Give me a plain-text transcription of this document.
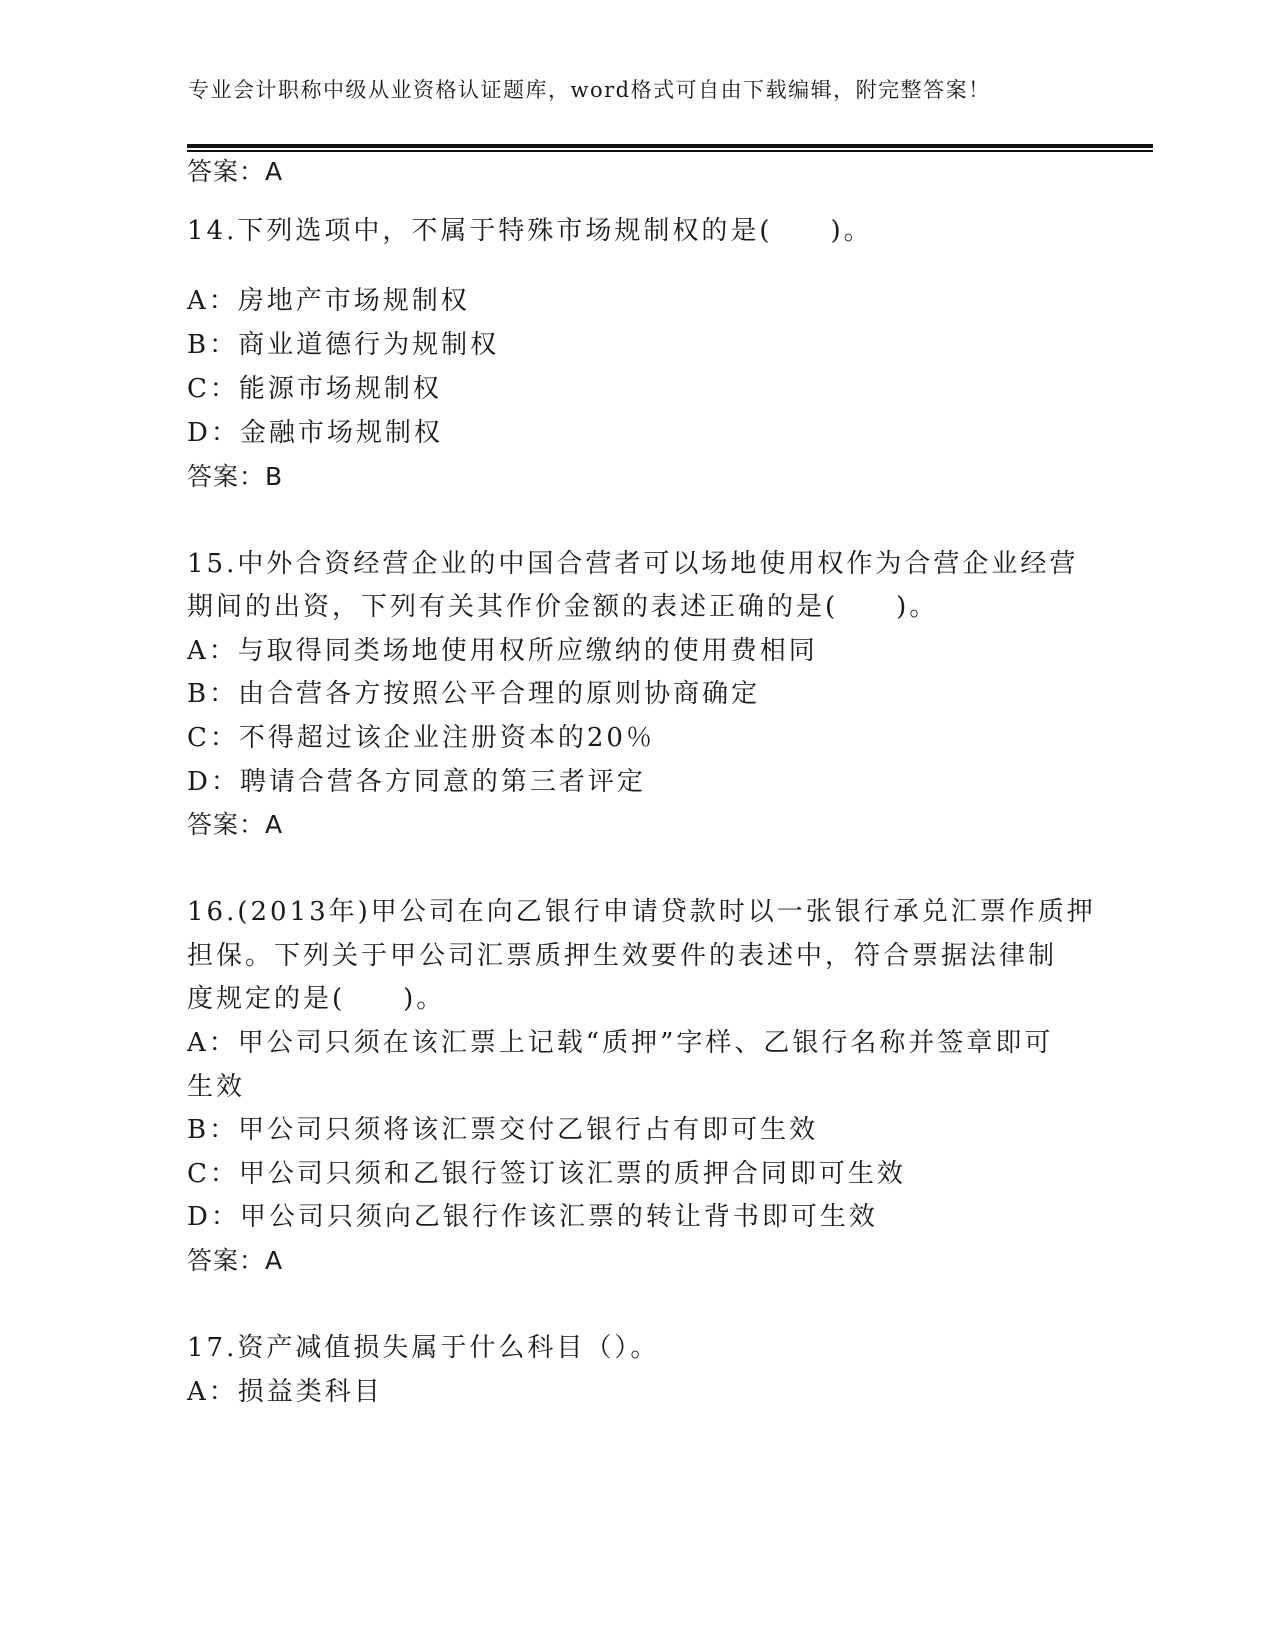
专业会计职称中级从业资格认证题库，word格式可自由下载编辑，附完整答案！
答案：A
14.下列选项中，不属于特殊市场规制权的是(　　)。
A：房地产市场规制权
B：商业道德行为规制权
C：能源市场规制权
D：金融市场规制权
答案：B
15.中外合资经营企业的中国合营者可以场地使用权作为合营企业经营
期间的出资，下列有关其作价金额的表述正确的是(　　)。
A：与取得同类场地使用权所应缴纳的使用费相同
B：由合营各方按照公平合理的原则协商确定
C：不得超过该企业注册资本的20％
D：聘请合营各方同意的第三者评定
答案：A
16.(2013年)甲公司在向乙银行申请贷款时以一张银行承兑汇票作质押
担保。下列关于甲公司汇票质押生效要件的表述中，符合票据法律制
度规定的是(　　)。
A：甲公司只须在该汇票上记载“质押”字样、乙银行名称并签章即可
生效
B：甲公司只须将该汇票交付乙银行占有即可生效
C：甲公司只须和乙银行签订该汇票的质押合同即可生效
D：甲公司只须向乙银行作该汇票的转让背书即可生效
答案：A
17.资产减值损失属于什么科目（）。
A：损益类科目
